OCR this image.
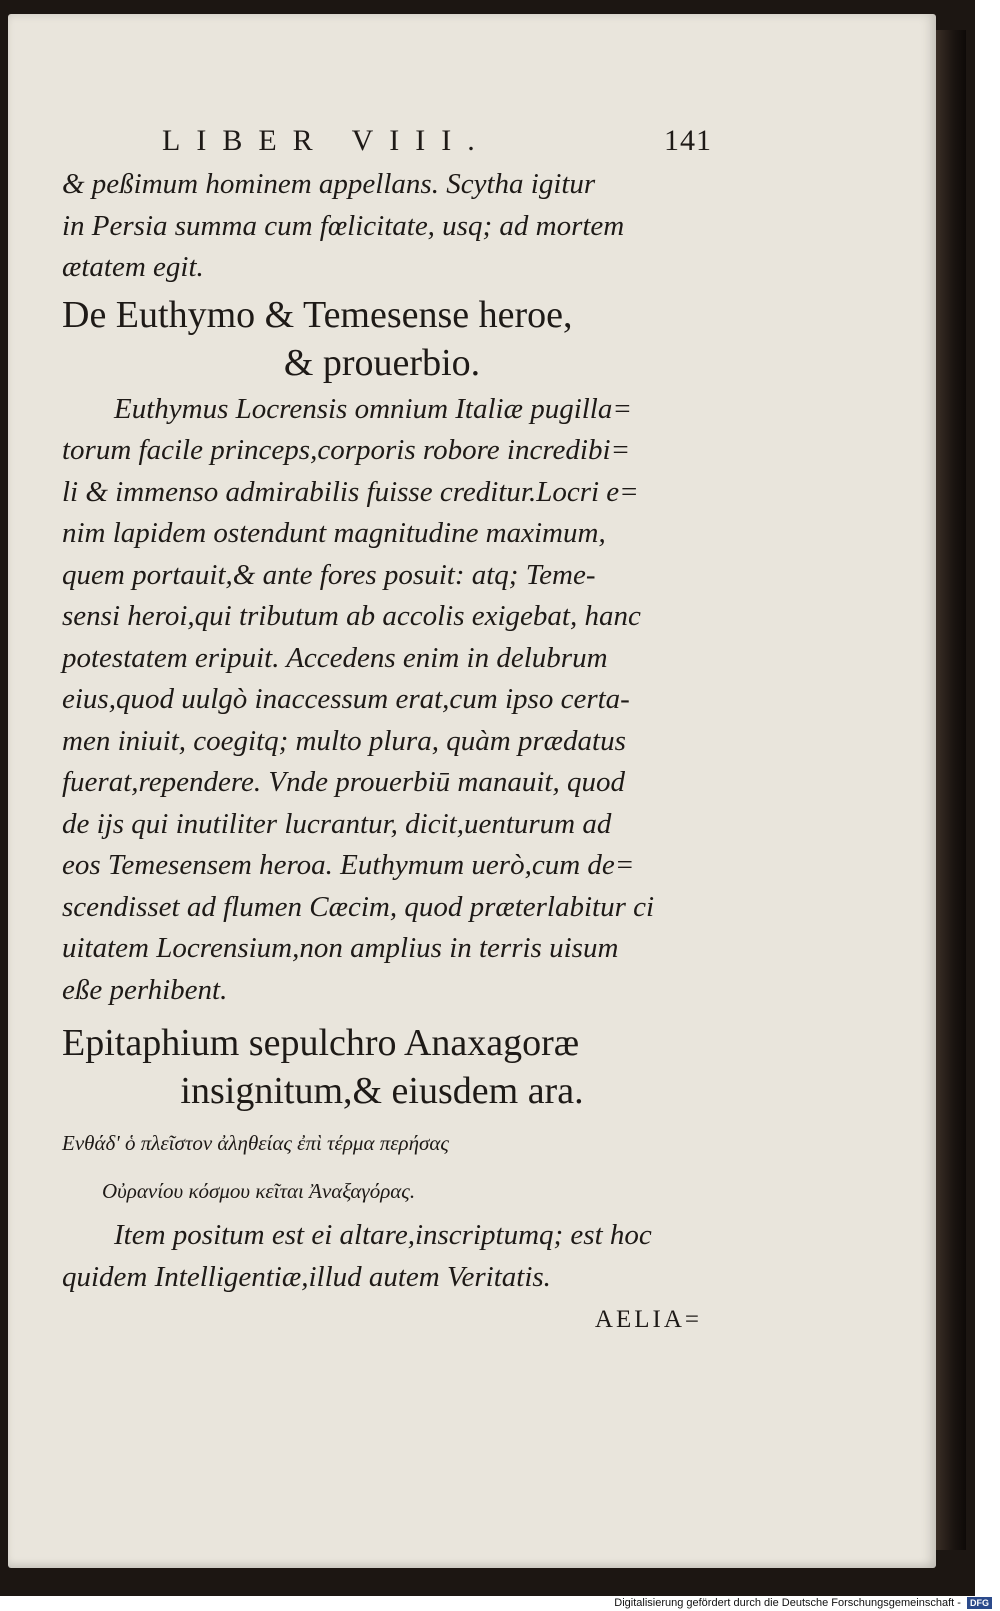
LIBER VIII.	141
& peßimum hominem appellans. Scytha igitur
in Persia summa cum fœlicitate, usq; ad mortem
ætatem egit.
De Euthymo & Temesense heroe,
& prouerbio.
Euthymus Locrensis omnium Italiæ pugilla=
torum facile princeps,corporis robore incredibi=
li & immenso admirabilis fuisse creditur.Locri e=
nim lapidem ostendunt magnitudine maximum,
quem portauit,& ante fores posuit: atq; Teme-
sensi heroi,qui tributum ab accolis exigebat, hanc
potestatem eripuit. Accedens enim in delubrum
eius,quod uulgò inaccessum erat,cum ipso certa-
men iniuit, coegitq; multo plura, quàm prædatus
fuerat,rependere. Vnde prouerbiū manauit, quod
de ijs qui inutiliter lucrantur, dicit,uenturum ad
eos Temesensem heroa. Euthymum uerò,cum de=
scendisset ad flumen Cæcim, quod præterlabitur ci
uitatem Locrensium,non amplius in terris uisum
eße perhibent.
Epitaphium sepulchro Anaxagoræ
insignitum,& eiusdem ara.
Ενθάδ' ὁ πλεῖστον ἀληθείας ἐπὶ τέρμα περήσας
Οὐρανίου κόσμου κεῖται Ἀναξαγόρας.
Item positum est ei altare,inscriptumq; est hoc
quidem Intelligentiæ,illud autem Veritatis.
AELIA=
Digitalisierung gefördert durch die Deutsche Forschungsgemeinschaft - DFG
